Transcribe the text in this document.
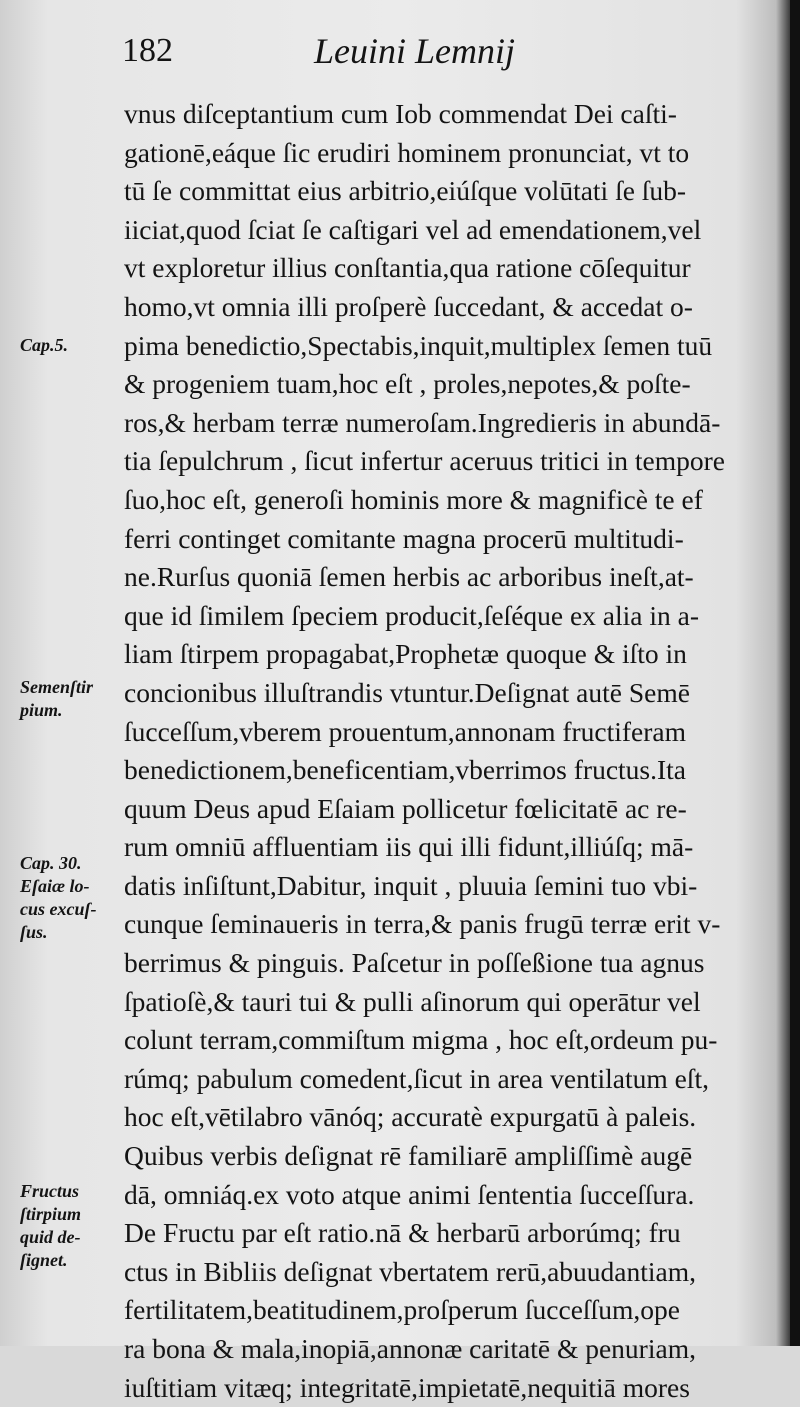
182	Leuini Lemnij
vnus diſceptantium cum Iob commendat Dei caſti-
gationē,eáque ſic erudiri hominem pronunciat, vt to
tū ſe committat eius arbitrio,eiúſque volūtati ſe ſub-
iiciat,quod ſciat ſe caſtigari vel ad emendationem,vel
vt exploretur illius conſtantia,qua ratione cōſequitur
homo,vt omnia illi proſperè ſuccedant, & accedat o-
pima benedictio,Spectabis,inquit,multiplex ſemen tuū
& progeniem tuam,hoc eſt , proles,nepotes,& poſte-
ros,& herbam terræ numeroſam.Ingredieris in abundā-
tia ſepulchrum , ſicut infertur aceruus tritici in tempore
ſuo,hoc eſt, generoſi hominis more & magnificè te ef
ferri continget comitante magna procerū multitudi-
ne.Rurſus quoniā ſemen herbis ac arboribus ineſt,at-
que id ſimilem ſpeciem producit,ſeſéque ex alia in a-
liam ſtirpem propagabat,Prophetæ quoque & iſto in
concionibus illuſtrandis vtuntur.Deſignat autē Semē
ſucceſſum,vberem prouentum,annonam fructiferam
benedictionem,beneficentiam,vberrimos fructus.Ita
quum Deus apud Eſaiam pollicetur fœlicitatē ac re-
rum omniū affluentiam iis qui illi fidunt,illiúſq; mā-
datis inſiſtunt,Dabitur, inquit , pluuia ſemini tuo vbi-
cunque ſeminaueris in terra,& panis frugū terræ erit v-
berrimus & pinguis. Paſcetur in poſſeßione tua agnus
ſpatioſè,& tauri tui & pulli aſinorum qui operātur vel
colunt terram,commiſtum migma , hoc eſt,ordeum pu-
rúmq; pabulum comedent,ſicut in area ventilatum eſt,
hoc eſt,vētilabro vānóq; accuratè expurgatū à paleis.
Quibus verbis deſignat rē familiarē ampliſſimè augē
dā, omniáq.ex voto atque animi ſententia ſucceſſura.
De Fructu par eſt ratio.nā & herbarū arborúmq; fru
ctus in Bibliis deſignat vbertatem rerū,abuudantiam,
fertilitatem,beatitudinem,proſperum ſucceſſum,ope
ra bona & mala,inopiā,annonæ caritatē & penuriam,
iuſtitiam vitæq; integritatē,impietatē,nequitiā mores
Cap.5.
Semenſtir
pium.
Cap. 30.
Eſaiæ lo-
cus excuſ-
ſus.
Fructus
ſtirpium
quid de-
ſignet.
